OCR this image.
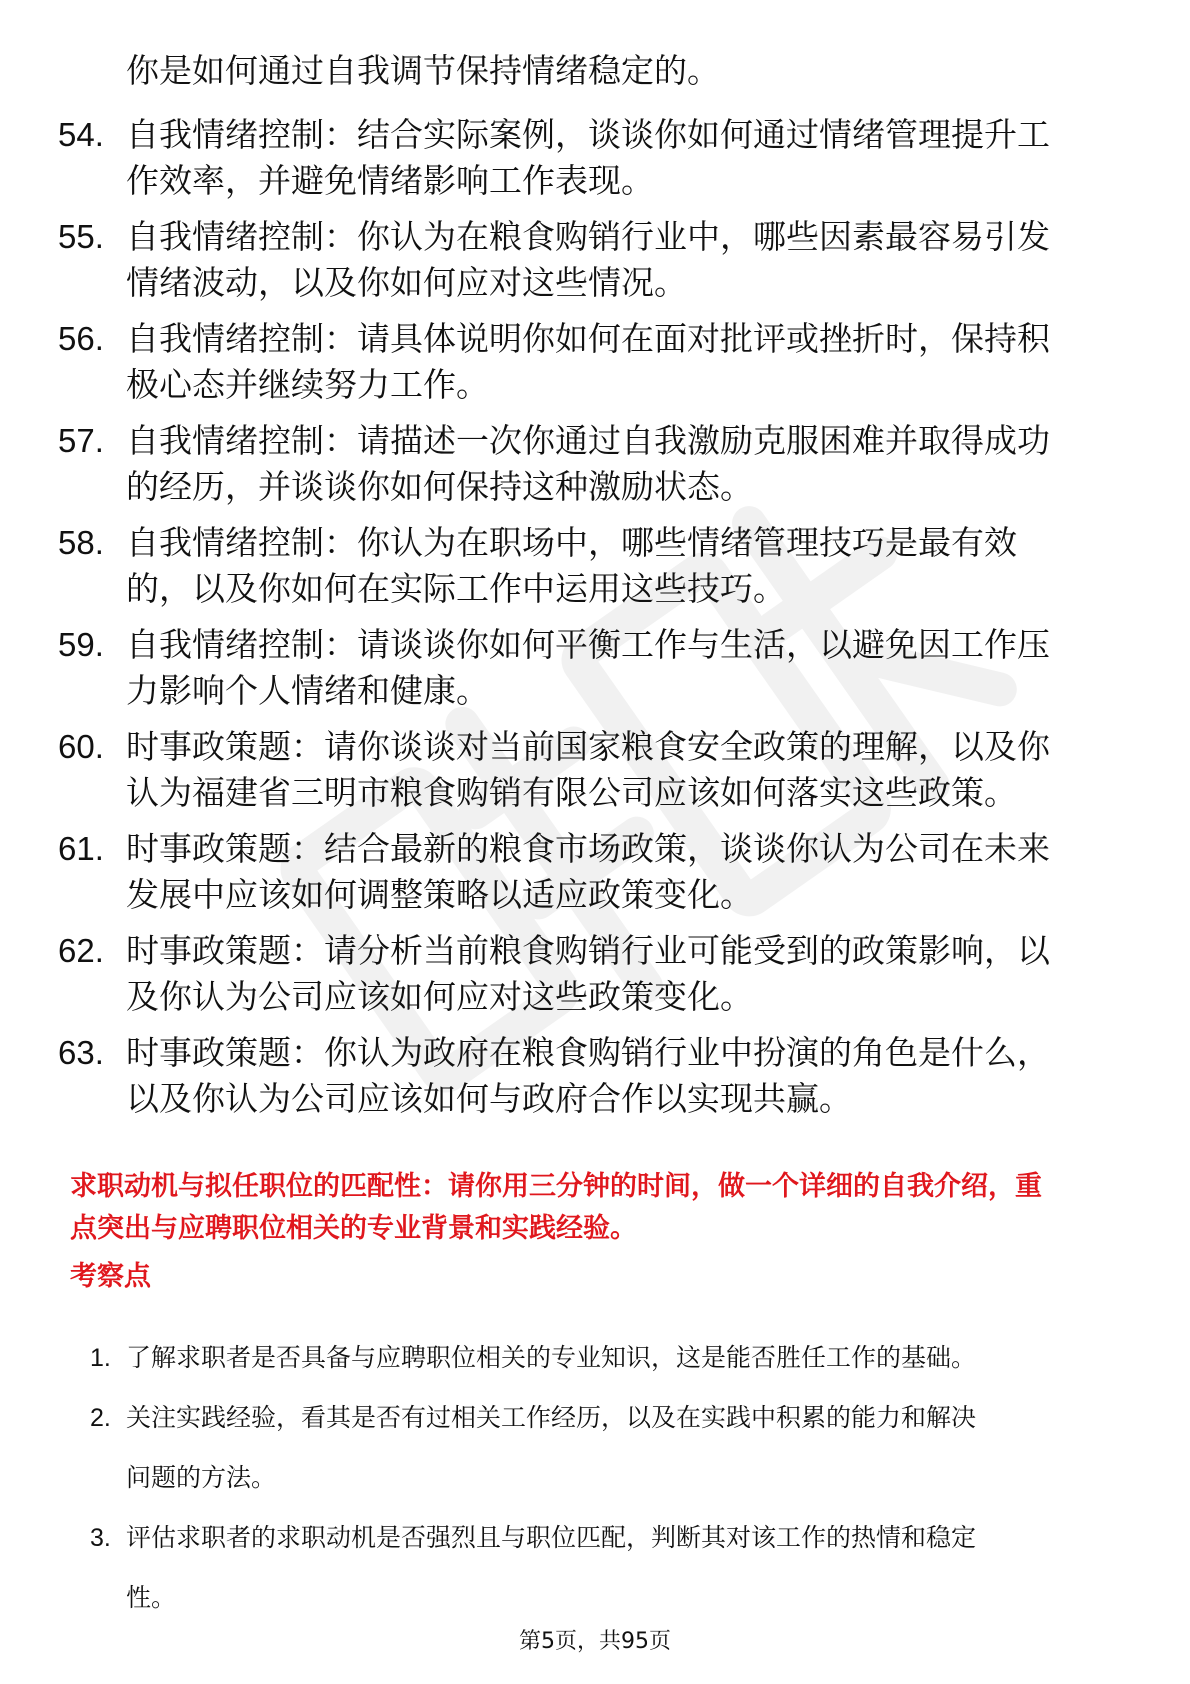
你是如何通过自我调节保持情绪稳定的。
54. 自我情绪控制：结合实际案例，谈谈你如何通过情绪管理提升工
作效率，并避免情绪影响工作表现。
55. 自我情绪控制：你认为在粮食购销行业中，哪些因素最容易引发
情绪波动，以及你如何应对这些情况。
56. 自我情绪控制：请具体说明你如何在面对批评或挫折时，保持积
极心态并继续努力工作。
57. 自我情绪控制：请描述一次你通过自我激励克服困难并取得成功
的经历，并谈谈你如何保持这种激励状态。
58. 自我情绪控制：你认为在职场中，哪些情绪管理技巧是最有效
的，以及你如何在实际工作中运用这些技巧。
59. 自我情绪控制：请谈谈你如何平衡工作与生活，以避免因工作压
力影响个人情绪和健康。
60. 时事政策题：请你谈谈对当前国家粮食安全政策的理解，以及你
认为福建省三明市粮食购销有限公司应该如何落实这些政策。
61. 时事政策题：结合最新的粮食市场政策，谈谈你认为公司在未来
发展中应该如何调整策略以适应政策变化。
62. 时事政策题：请分析当前粮食购销行业可能受到的政策影响，以
及你认为公司应该如何应对这些政策变化。
63. 时事政策题：你认为政府在粮食购销行业中扮演的角色是什么，
以及你认为公司应该如何与政府合作以实现共赢。
求职动机与拟任职位的匹配性：请你用三分钟的时间，做一个详细的自我介绍，重
点突出与应聘职位相关的专业背景和实践经验。
考察点
1. 了解求职者是否具备与应聘职位相关的专业知识，这是能否胜任工作的基础。
2. 关注实践经验，看其是否有过相关工作经历，以及在实践中积累的能力和解决
问题的方法。
3. 评估求职者的求职动机是否强烈且与职位匹配，判断其对该工作的热情和稳定
性。
第5页，共95页
